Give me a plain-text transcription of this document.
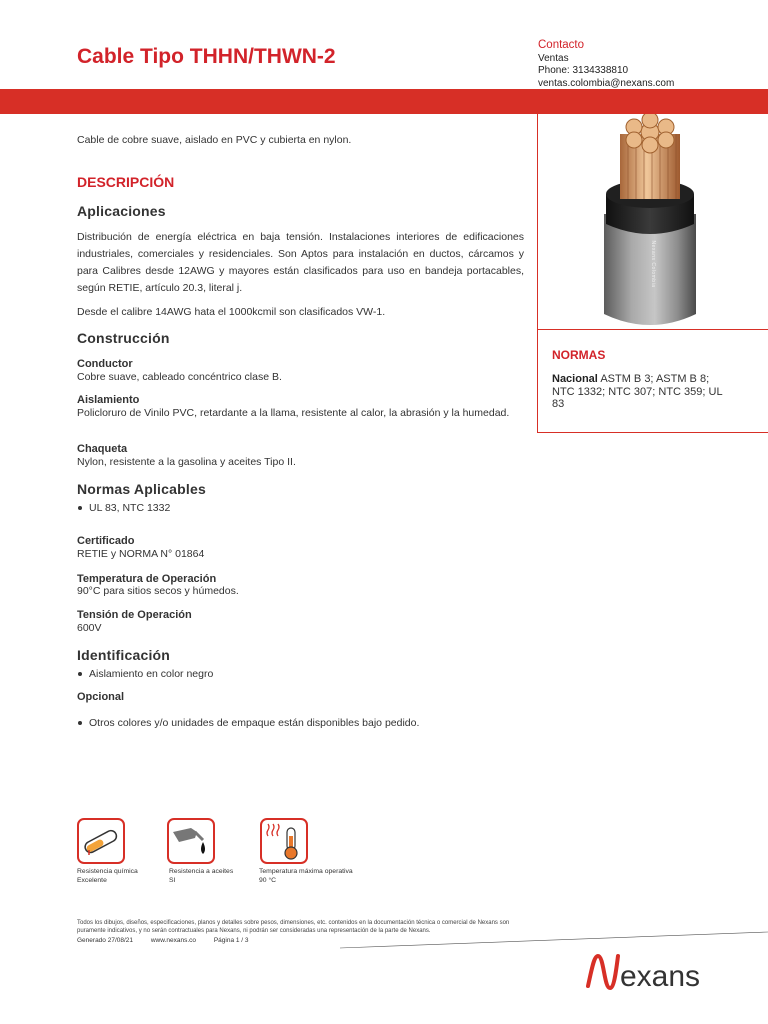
Cable Tipo THHN/THWN-2	Contacto
Ventas
Phone: 3134338810
ventas.colombia@nexans.com
Nexans Colombia
NORMAS
Nacional ASTM B 3; ASTM B 8; NTC 1332; NTC 307; NTC 359; UL 83
Cable de cobre suave, aislado en PVC y cubierta en nylon.
DESCRIPCIÓN
Aplicaciones
Distribución de energía eléctrica en baja tensión. Instalaciones interiores de edificaciones industriales, comerciales y residenciales. Son Aptos para instalación en ductos, cárcamos y para Calibres desde 12AWG y mayores están clasificados para uso en bandeja portacables, según RETIE, artículo 20.3, literal j.
Desde el calibre 14AWG hata el 1000kcmil son clasificados VW-1.
Construcción
Conductor
Cobre suave, cableado concéntrico clase B.
Aislamiento
Policloruro de Vinilo PVC, retardante a la llama, resistente al calor, la abrasión y la humedad.
Chaqueta
Nylon, resistente a la gasolina y aceites Tipo II.
Normas Aplicables
UL 83, NTC 1332
Certificado
RETIE y NORMA N° 01864
Temperatura de Operación
90°C para sitios secos y húmedos.
Tensión de Operación
600V
Identificación
Aislamiento en color negro
Opcional
Otros colores y/o unidades de empaque están disponibles bajo pedido.
Resistencia química
Excelente
Resistencia a aceites
SI
Temperatura máxima operativa
90 °C
Todos los dibujos, diseños, especificaciones, planos y detalles sobre pesos, dimensiones, etc. contenidos en la documentación técnica o comercial de Nexans son puramente indicativos, y no serán contractuales para Nexans, ni podrán ser consideradas una representación de la parte de Nexans.
Generado 27/08/21	www.nexans.co	Página 1 / 3
exans
